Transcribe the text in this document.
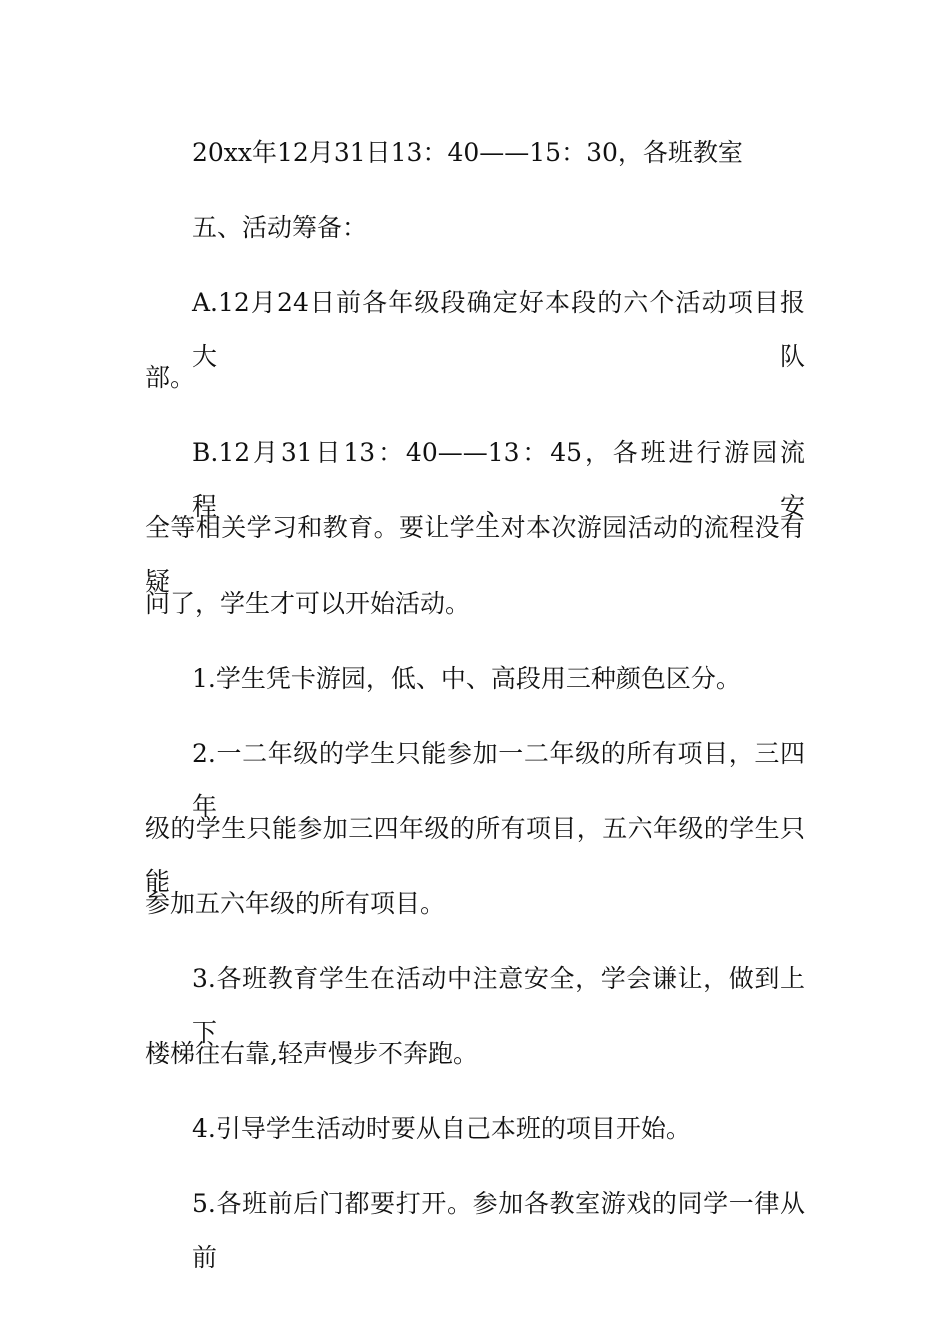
20xx年12月31日13：40——15：30，各班教室
五、活动筹备：
A.12月24日前各年级段确定好本段的六个活动项目报大队
部。
B.12月31日13：40——13：45，各班进行游园流程、安
全等相关学习和教育。要让学生对本次游园活动的流程没有疑
问了，学生才可以开始活动。
1.学生凭卡游园，低、中、高段用三种颜色区分。
2.一二年级的学生只能参加一二年级的所有项目，三四年
级的学生只能参加三四年级的所有项目，五六年级的学生只能
参加五六年级的所有项目。
3.各班教育学生在活动中注意安全，学会谦让，做到上下
楼梯往右靠,轻声慢步不奔跑。
4.引导学生活动时要从自己本班的项目开始。
5.各班前后门都要打开。参加各教室游戏的同学一律从前
